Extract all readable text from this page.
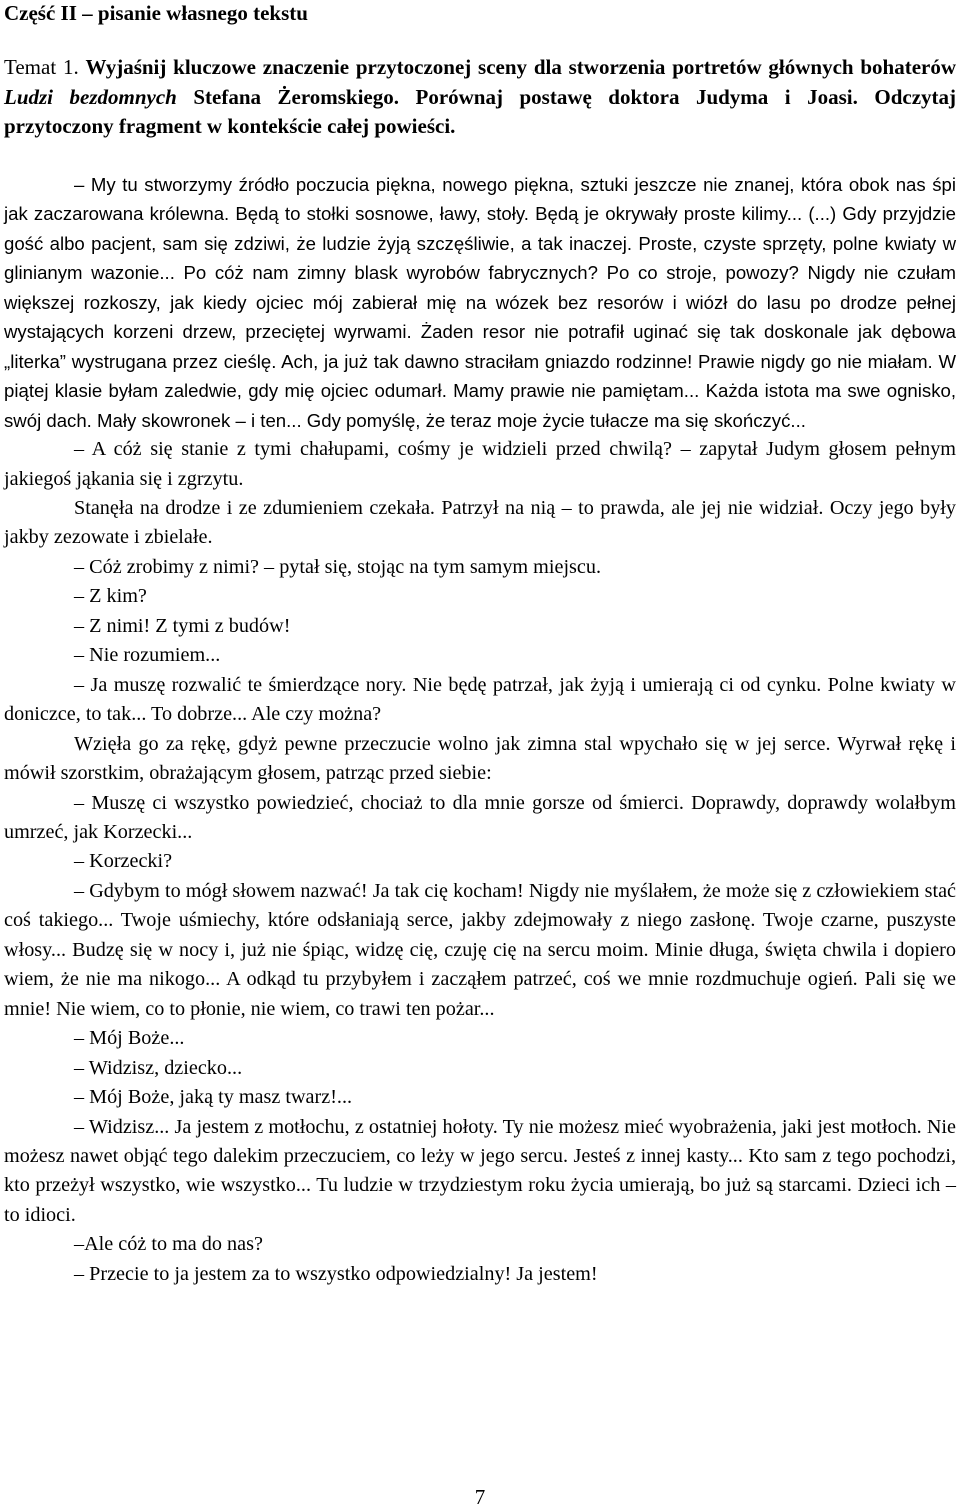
Część II – pisanie własnego tekstu
Temat 1. Wyjaśnij kluczowe znaczenie przytoczonej sceny dla stworzenia portretów głównych bohaterów Ludzi bezdomnych Stefana Żeromskiego. Porównaj postawę doktora Judyma i Joasi. Odczytaj przytoczony fragment w kontekście całej powieści.

– My tu stworzymy źródło poczucia piękna, nowego piękna, sztuki jeszcze nie znanej, która obok nas śpi jak zaczarowana królewna. Będą to stołki sosnowe, ławy, stoły. Będą je okrywały proste kilimy... (...) Gdy przyjdzie gość albo pacjent, sam się zdziwi, że ludzie żyją szczęśliwie, a tak inaczej. Proste, czyste sprzęty, polne kwiaty w glinianym wazonie... Po cóż nam zimny blask wyrobów fabrycznych? Po co stroje, powozy? Nigdy nie czułam większej rozkoszy, jak kiedy ojciec mój zabierał mię na wózek bez resorów i wiózł do lasu po drodze pełnej wystających korzeni drzew, przeciętej wyrwami. Żaden resor nie potrafił uginać się tak doskonale jak dębowa „literka” wystrugana przez cieślę. Ach, ja już tak dawno straciłam gniazdo rodzinne! Prawie nigdy go nie miałam. W piątej klasie byłam zaledwie, gdy mię ojciec odumarł. Mamy prawie nie pamiętam... Każda istota ma swe ognisko, swój dach. Mały skowronek – i ten... Gdy pomyślę, że teraz moje życie tułacze ma się skończyć...

– A cóż się stanie z tymi chałupami, cośmy je widzieli przed chwilą? – zapytał Judym głosem pełnym jakiegoś jąkania się i zgrzytu.

Stanęła na drodze i ze zdumieniem czekała. Patrzył na nią – to prawda, ale jej nie widział. Oczy jego były jakby zezowate i zbielałe.

– Cóż zrobimy z nimi? – pytał się, stojąc na tym samym miejscu.

– Z kim?

– Z nimi! Z tymi z budów!

– Nie rozumiem...

– Ja muszę rozwalić te śmierdzące nory. Nie będę patrzał, jak żyją i umierają ci od cynku. Polne kwiaty w doniczce, to tak... To dobrze... Ale czy można?

Wzięła go za rękę, gdyż pewne przeczucie wolno jak zimna stal wpychało się w jej serce. Wyrwał rękę i mówił szorstkim, obrażającym głosem, patrząc przed siebie:

– Muszę ci wszystko powiedzieć, chociaż to dla mnie gorsze od śmierci. Doprawdy, doprawdy wolałbym umrzeć, jak Korzecki...

– Korzecki?

– Gdybym to mógł słowem nazwać! Ja tak cię kocham! Nigdy nie myślałem, że może się z człowiekiem stać coś takiego... Twoje uśmiechy, które odsłaniają serce, jakby zdejmowały z niego zasłonę. Twoje czarne, puszyste włosy... Budzę się w nocy i, już nie śpiąc, widzę cię, czuję cię na sercu moim. Minie długa, święta chwila i dopiero wiem, że nie ma nikogo... A odkąd tu przybyłem i zacząłem patrzeć, coś we mnie rozdmuchuje ogień. Pali się we mnie! Nie wiem, co to płonie, nie wiem, co trawi ten pożar...

– Mój Boże...

– Widzisz, dziecko...

– Mój Boże, jaką ty masz twarz!...

– Widzisz... Ja jestem z motłochu, z ostatniej hołoty. Ty nie możesz mieć wyobrażenia, jaki jest motłoch. Nie możesz nawet objąć tego dalekim przeczuciem, co leży w jego sercu. Jesteś z innej kasty... Kto sam z tego pochodzi, kto przeżył wszystko, wie wszystko... Tu ludzie w trzydziestym roku życia umierają, bo już są starcami. Dzieci ich – to idioci.

–Ale cóż to ma do nas?

– Przecie to ja jestem za to wszystko odpowiedzialny! Ja jestem!

7
